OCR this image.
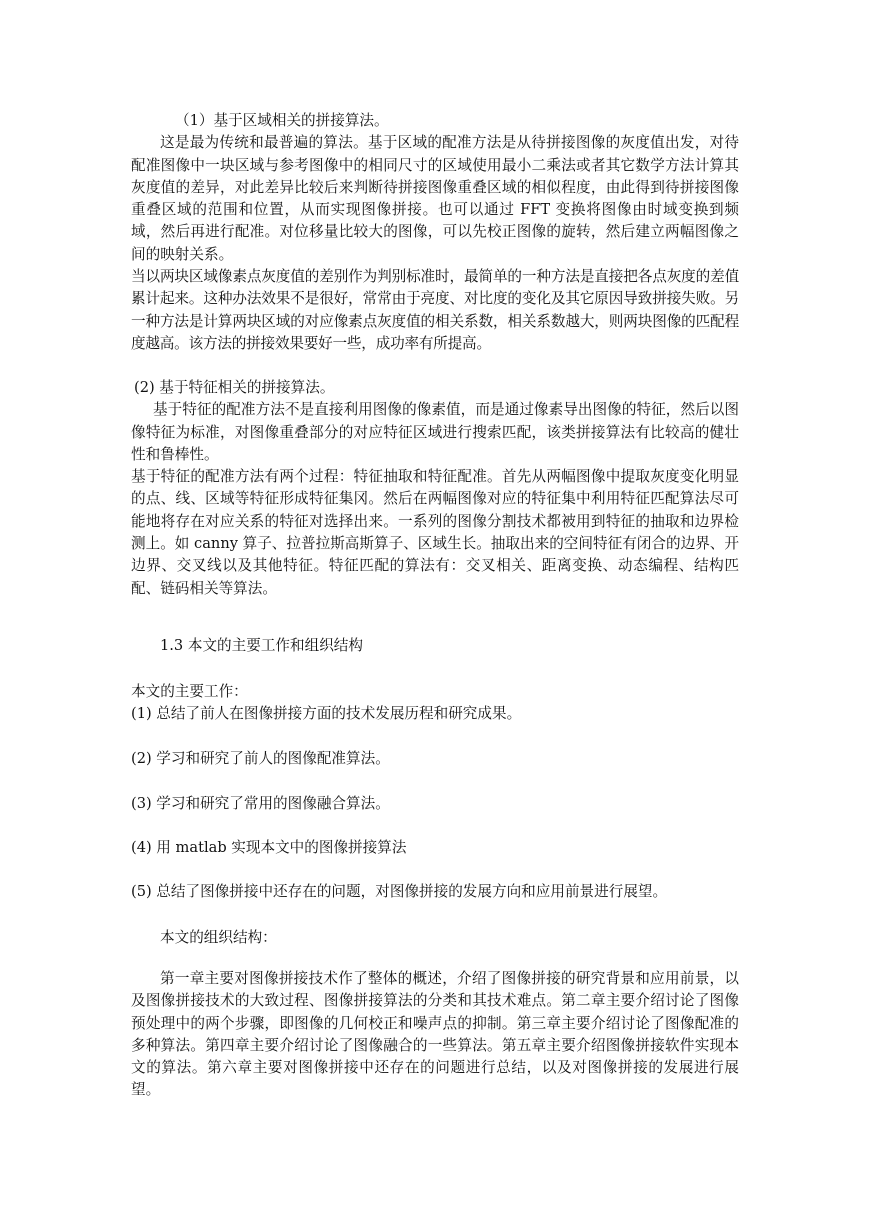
（1）基于区域相关的拼接算法。

这是最为传统和最普遍的算法。基于区域的配准方法是从待拼接图像的灰度值出发，对待配准图像中一块区域与参考图像中的相同尺寸的区域使用最小二乘法或者其它数学方法计算其灰度值的差异，对此差异比较后来判断待拼接图像重叠区域的相似程度，由此得到待拼接图像重叠区域的范围和位置，从而实现图像拼接。也可以通过 FFT 变换将图像由时域变换到频域，然后再进行配准。对位移量比较大的图像，可以先校正图像的旋转，然后建立两幅图像之间的映射关系。

当以两块区域像素点灰度值的差别作为判别标准时，最简单的一种方法是直接把各点灰度的差值累计起来。这种办法效果不是很好，常常由于亮度、对比度的变化及其它原因导致拼接失败。另一种方法是计算两块区域的对应像素点灰度值的相关系数，相关系数越大，则两块图像的匹配程度越高。该方法的拼接效果要好一些，成功率有所提高。

(2) 基于特征相关的拼接算法。

基于特征的配准方法不是直接利用图像的像素值，而是通过像素导出图像的特征，然后以图像特征为标准，对图像重叠部分的对应特征区域进行搜索匹配，该类拼接算法有比较高的健壮性和鲁棒性。

基于特征的配准方法有两个过程：特征抽取和特征配准。首先从两幅图像中提取灰度变化明显的点、线、区域等特征形成特征集冈。然后在两幅图像对应的特征集中利用特征匹配算法尽可能地将存在对应关系的特征对选择出来。一系列的图像分割技术都被用到特征的抽取和边界检测上。如 canny 算子、拉普拉斯高斯算子、区域生长。抽取出来的空间特征有闭合的边界、开边界、交叉线以及其他特征。特征匹配的算法有：交叉相关、距离变换、动态编程、结构匹配、链码相关等算法。

1.3 本文的主要工作和组织结构

本文的主要工作：

(1) 总结了前人在图像拼接方面的技术发展历程和研究成果。

(2) 学习和研究了前人的图像配准算法。

(3) 学习和研究了常用的图像融合算法。

(4) 用 matlab 实现本文中的图像拼接算法

(5) 总结了图像拼接中还存在的问题，对图像拼接的发展方向和应用前景进行展望。

本文的组织结构：

第一章主要对图像拼接技术作了整体的概述，介绍了图像拼接的研究背景和应用前景，以及图像拼接技术的大致过程、图像拼接算法的分类和其技术难点。第二章主要介绍讨论了图像预处理中的两个步骤，即图像的几何校正和噪声点的抑制。第三章主要介绍讨论了图像配准的多种算法。第四章主要介绍讨论了图像融合的一些算法。第五章主要介绍图像拼接软件实现本文的算法。第六章主要对图像拼接中还存在的问题进行总结，以及对图像拼接的发展进行展望。
